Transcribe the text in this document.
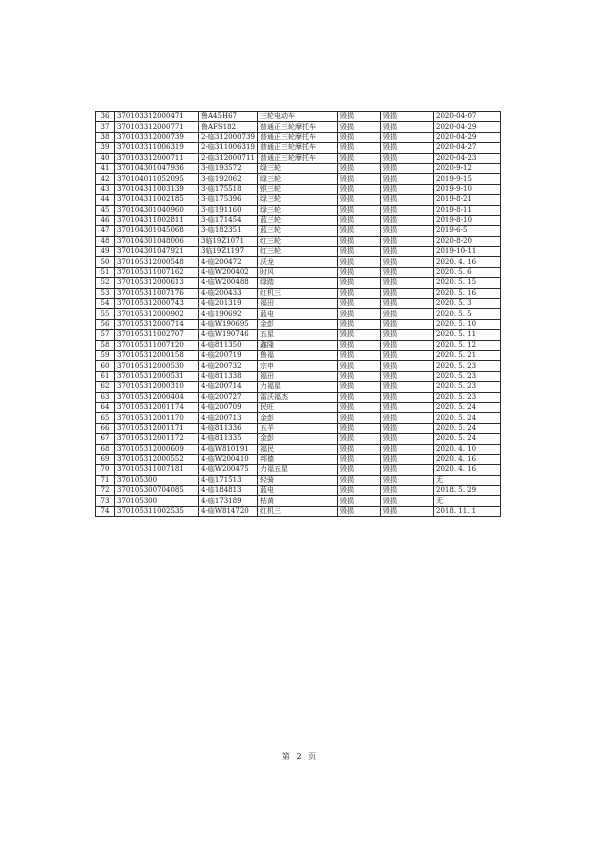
36	370103312000471	鲁A45H67	三轮电动车	毁损	毁损	2020-04-07
37	370103312000771	鲁AFS182	普通正三轮摩托车	毁损	毁损	2020-04-29
38	370103312000739	2-临312000739	普通正三轮摩托车	毁损	毁损	2020-04-29
39	370103311006319	2-临311006319	普通正三轮摩托车	毁损	毁损	2020-04-27
40	370103312000711	2-临312000711	普通正三轮摩托车	毁损	毁损	2020-04-23
41	370104301047936	3-临193572	绿三轮	毁损	毁损	2020-9-12
42	370104011052095	3-临192062	绿三轮	毁损	毁损	2019-9-15
43	370104311003139	3-临175518	银三轮	毁损	毁损	2019-9-10
44	370104311002185	3-临175396	绿三轮	毁损	毁损	2019-8-21
45	370104301040960	3-临191160	绿三轮	毁损	毁损	2019-8-11
46	370104311002811	3-临171454	蓝三轮	毁损	毁损	2019-8-10
47	370104301045068	3-临182351	蓝三轮	毁损	毁损	2019-6-5
48	370104301048006	3临19Z1071	红三轮	毁损	毁损	2020-8-20
49	370104301047921	3临19Z1197	红三轮	毁损	毁损	2019-10-11
50	370105312000548	4-临200472	沃龙	毁损	毁损	2020. 4. 16
51	370105311007162	4-临W200402	时风	毁损	毁损	2020. 5. 6
52	370105312000613	4-临W200488	绿踏	毁损	毁损	2020. 5. 15
53	370105311007176	4-临200433	红机三	毁损	毁损	2020. 5. 16
54	370105312000743	4-临201319	福田	毁损	毁损	2020. 5. 3
55	370105312000902	4-临190692	蓝电	毁损	毁损	2020. 5. 5
56	370105312000714	4-临W190695	金彭	毁损	毁损	2020. 5. 10
57	370105311002707	4-临W190746	五星	毁损	毁损	2020. 5. 11
58	370105311007120	4-临811350	鑫隆	毁损	毁损	2020. 5. 12
59	370105312000158	4-临200719	鲁福	毁损	毁损	2020. 5. 21
60	370105312000530	4-临200732	宗申	毁损	毁损	2020. 5. 23
61	370105312000531	4-临811338	福田	毁损	毁损	2020. 5. 23
62	370105312000310	4-临200714	力福星	毁损	毁损	2020. 5. 23
63	370105312000404	4-临200727	雷沃福杰	毁损	毁损	2020. 5. 23
64	370105312001174	4-临200709	民旺	毁损	毁损	2020. 5. 24
65	370105312001170	4-临200713	金彭	毁损	毁损	2020. 5. 24
66	370105312001171	4-临811336	五羊	毁损	毁损	2020. 5. 24
67	370105312001172	4-临811335	金彭	毁损	毁损	2020. 5. 24
68	370105312000609	4-临W810191	福民	毁损	毁损	2020. 4. 10
69	370105312000552	4-临W200410	邦德	毁损	毁损	2020. 4. 16
70	370105311007181	4-临W200475	力福五星	毁损	毁损	2020. 4. 16
71	370105300	4-临171513	轻骑	毁损	毁损	无
72	370105300704085	4-临184813	蓝电	毁损	毁损	2018. 5. 29
73	370105300	4-临173189	枯黄	毁损	毁损	无
74	370105311002535	4-临W814720	红机三	毁损	毁损	2018. 11. 1
第 2 页
